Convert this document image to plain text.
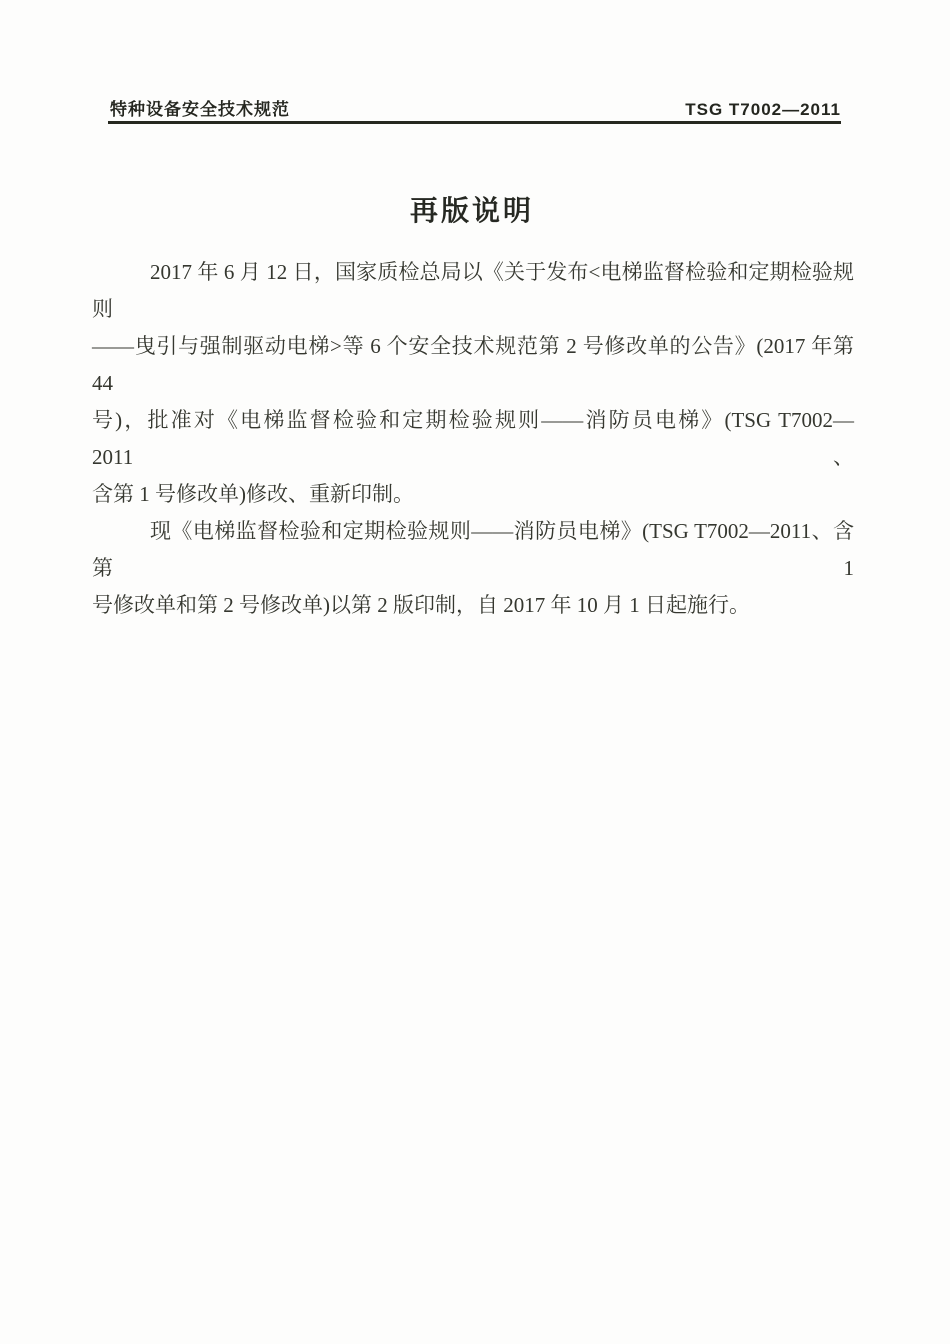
特种设备安全技术规范	TSG T7002—2011
再版说明
2017 年 6 月 12 日，国家质检总局以《关于发布<电梯监督检验和定期检验规则
——曳引与强制驱动电梯>等 6 个安全技术规范第 2 号修改单的公告》(2017 年第 44
号)，批准对《电梯监督检验和定期检验规则——消防员电梯》(TSG T7002—2011、
含第 1 号修改单)修改、重新印制。
现《电梯监督检验和定期检验规则——消防员电梯》(TSG T7002—2011、含第 1
号修改单和第 2 号修改单)以第 2 版印制，自 2017 年 10 月 1 日起施行。
